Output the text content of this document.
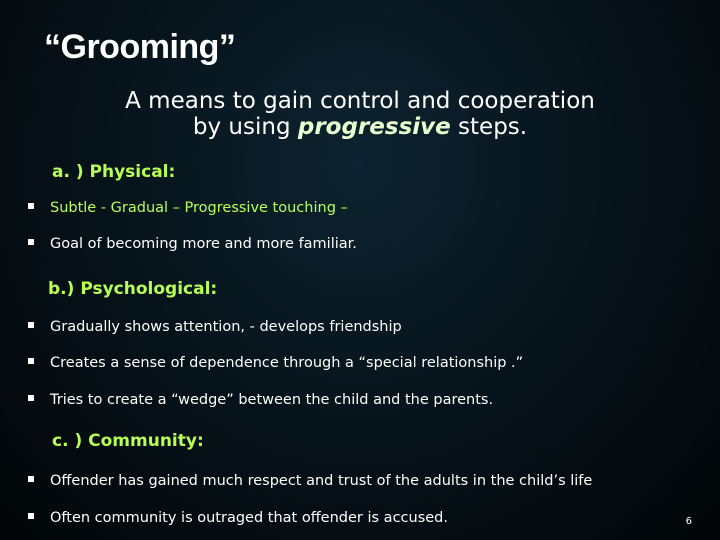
“Grooming”
A means to gain control and cooperation
by using progressive steps.
a. ) Physical:
Subtle - Gradual – Progressive touching –
Goal of becoming more and more familiar.
b.) Psychological:
Gradually shows attention, - develops friendship
Creates a sense of dependence through a “special relationship .”
Tries to create a “wedge” between the child and the parents.
c. ) Community:
Offender has gained much respect and trust of the adults in the child’s life
Often community is outraged that offender is accused.	6
